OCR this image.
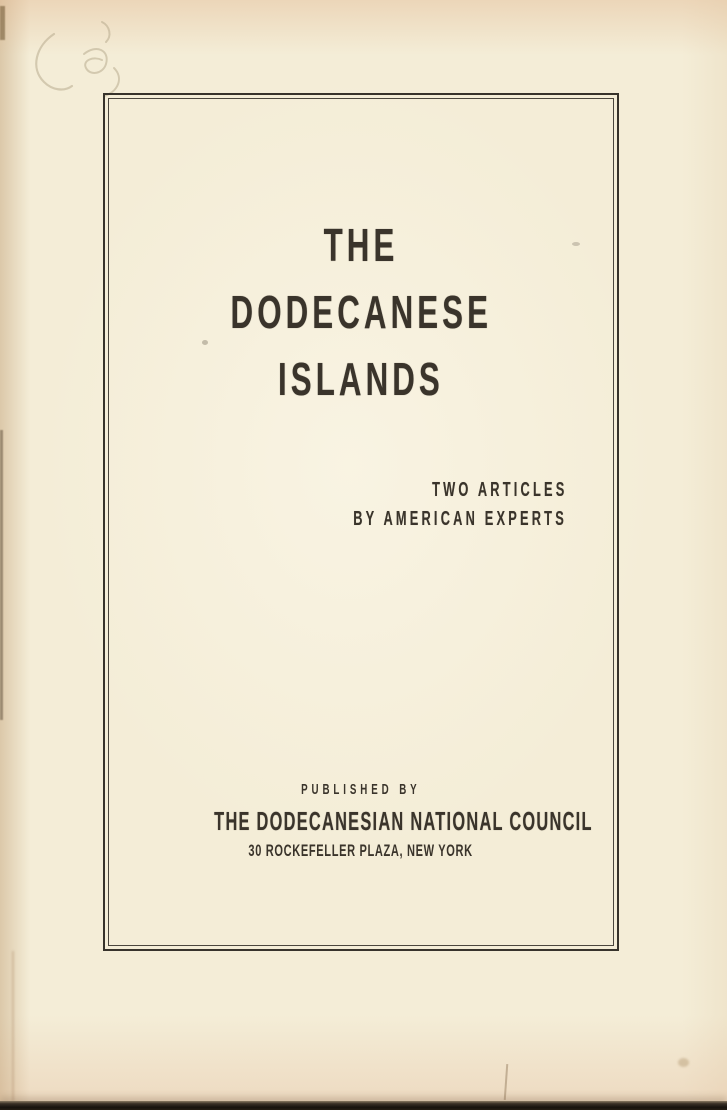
THE
DODECANESE
ISLANDS
TWO ARTICLES
BY AMERICAN EXPERTS
PUBLISHED BY
THE DODECANESIAN NATIONAL COUNCIL
30 ROCKEFELLER PLAZA, NEW YORK
